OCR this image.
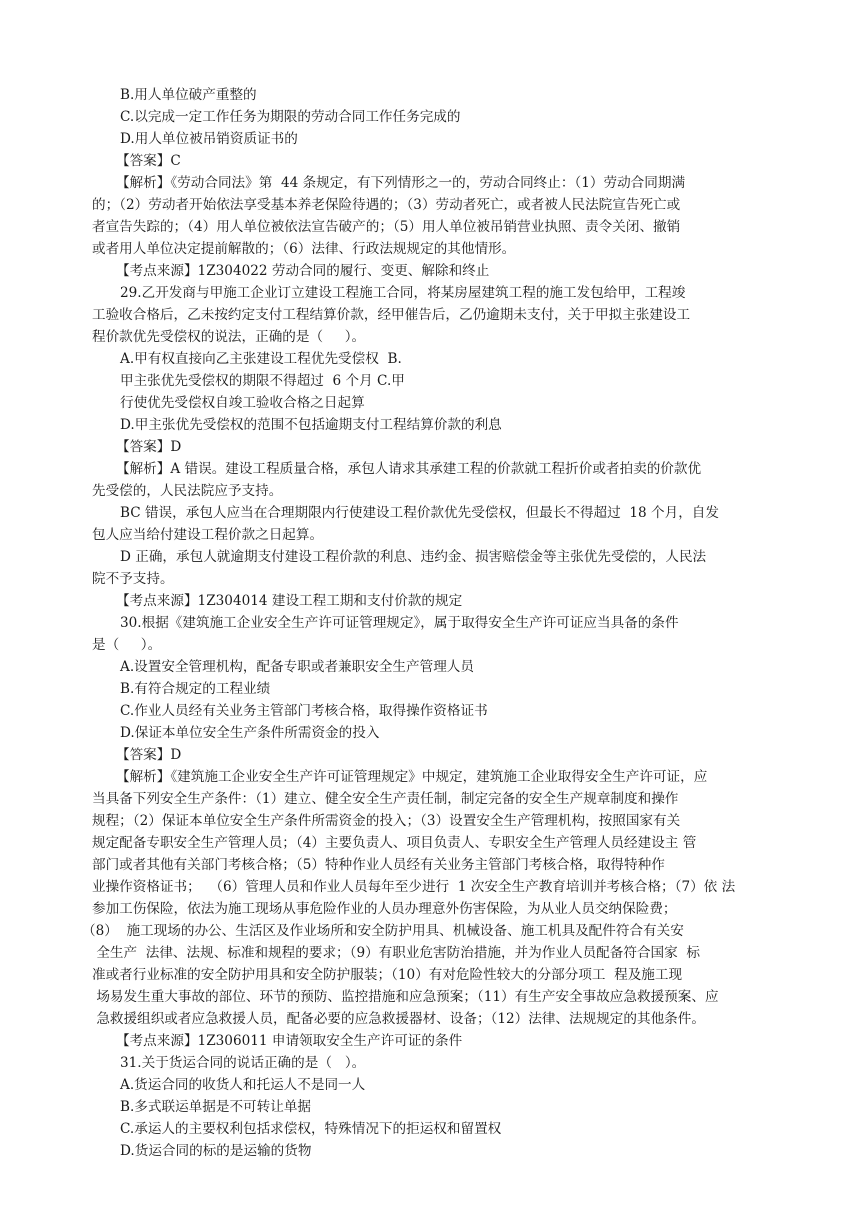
B.用人单位破产重整的
C.以完成一定工作任务为期限的劳动合同工作任务完成的
D.用人单位被吊销资质证书的
【答案】C
【解析】《劳动合同法》第  44 条规定，有下列情形之一的，劳动合同终止：（1）劳动合同期满
的；（2）劳动者开始依法享受基本养老保险待遇的；（3）劳动者死亡，或者被人民法院宣告死亡或
者宣告失踪的；（4）用人单位被依法宣告破产的；（5）用人单位被吊销营业执照、责令关闭、撤销
或者用人单位决定提前解散的；（6）法律、行政法规规定的其他情形。
【考点来源】1Z304022 劳动合同的履行、变更、解除和终止
29.乙开发商与甲施工企业订立建设工程施工合同，将某房屋建筑工程的施工发包给甲，工程竣
工验收合格后，乙未按约定支付工程结算价款，经甲催告后，乙仍逾期未支付，关于甲拟主张建设工
程价款优先受偿权的说法，正确的是（     ）。
A.甲有权直接向乙主张建设工程优先受偿权  B.
甲主张优先受偿权的期限不得超过  6 个月 C.甲
行使优先受偿权自竣工验收合格之日起算
D.甲主张优先受偿权的范围不包括逾期支付工程结算价款的利息
【答案】D
【解析】A 错误。建设工程质量合格，承包人请求其承建工程的价款就工程折价或者拍卖的价款优
先受偿的，人民法院应予支持。
BC 错误，承包人应当在合理期限内行使建设工程价款优先受偿权，但最长不得超过  18 个月，自发
包人应当给付建设工程价款之日起算。
D 正确，承包人就逾期支付建设工程价款的利息、违约金、损害赔偿金等主张优先受偿的，人民法
院不予支持。
【考点来源】1Z304014 建设工程工期和支付价款的规定
30.根据《建筑施工企业安全生产许可证管理规定》，属于取得安全生产许可证应当具备的条件
是（     ）。
A.设置安全管理机构，配备专职或者兼职安全生产管理人员
B.有符合规定的工程业绩
C.作业人员经有关业务主管部门考核合格，取得操作资格证书
D.保证本单位安全生产条件所需资金的投入
【答案】D
【解析】《建筑施工企业安全生产许可证管理规定》中规定，建筑施工企业取得安全生产许可证，应
当具备下列安全生产条件：（1）建立、健全安全生产责任制，制定完备的安全生产规章制度和操作
规程；（2）保证本单位安全生产条件所需资金的投入；（3）设置安全生产管理机构，按照国家有关
规定配备专职安全生产管理人员；（4）主要负责人、项目负责人、专职安全生产管理人员经建设主 管
部门或者其他有关部门考核合格；（5）特种作业人员经有关业务主管部门考核合格，取得特种作
业操作资格证书；  （6）管理人员和作业人员每年至少进行  1 次安全生产教育培训并考核合格；（7）依 法
参加工伤保险，依法为施工现场从事危险作业的人员办理意外伤害保险，为从业人员交纳保险费；
（8）  施工现场的办公、生活区及作业场所和安全防护用具、机械设备、施工机具及配件符合有关安
全生产  法律、法规、标准和规程的要求；（9）有职业危害防治措施，并为作业人员配备符合国家  标
准或者行业标准的安全防护用具和安全防护服装；（10）有对危险性较大的分部分项工  程及施工现
场易发生重大事故的部位、环节的预防、监控措施和应急预案；（11）有生产安全事故应急救援预案、应
急救援组织或者应急救援人员，配备必要的应急救援器材、设备；（12）法律、法规规定的其他条件。
【考点来源】1Z306011 申请领取安全生产许可证的条件
31.关于货运合同的说话正确的是（   ）。
A.货运合同的收货人和托运人不是同一人
B.多式联运单据是不可转让单据
C.承运人的主要权利包括求偿权，特殊情况下的拒运权和留置权
D.货运合同的标的是运输的货物
